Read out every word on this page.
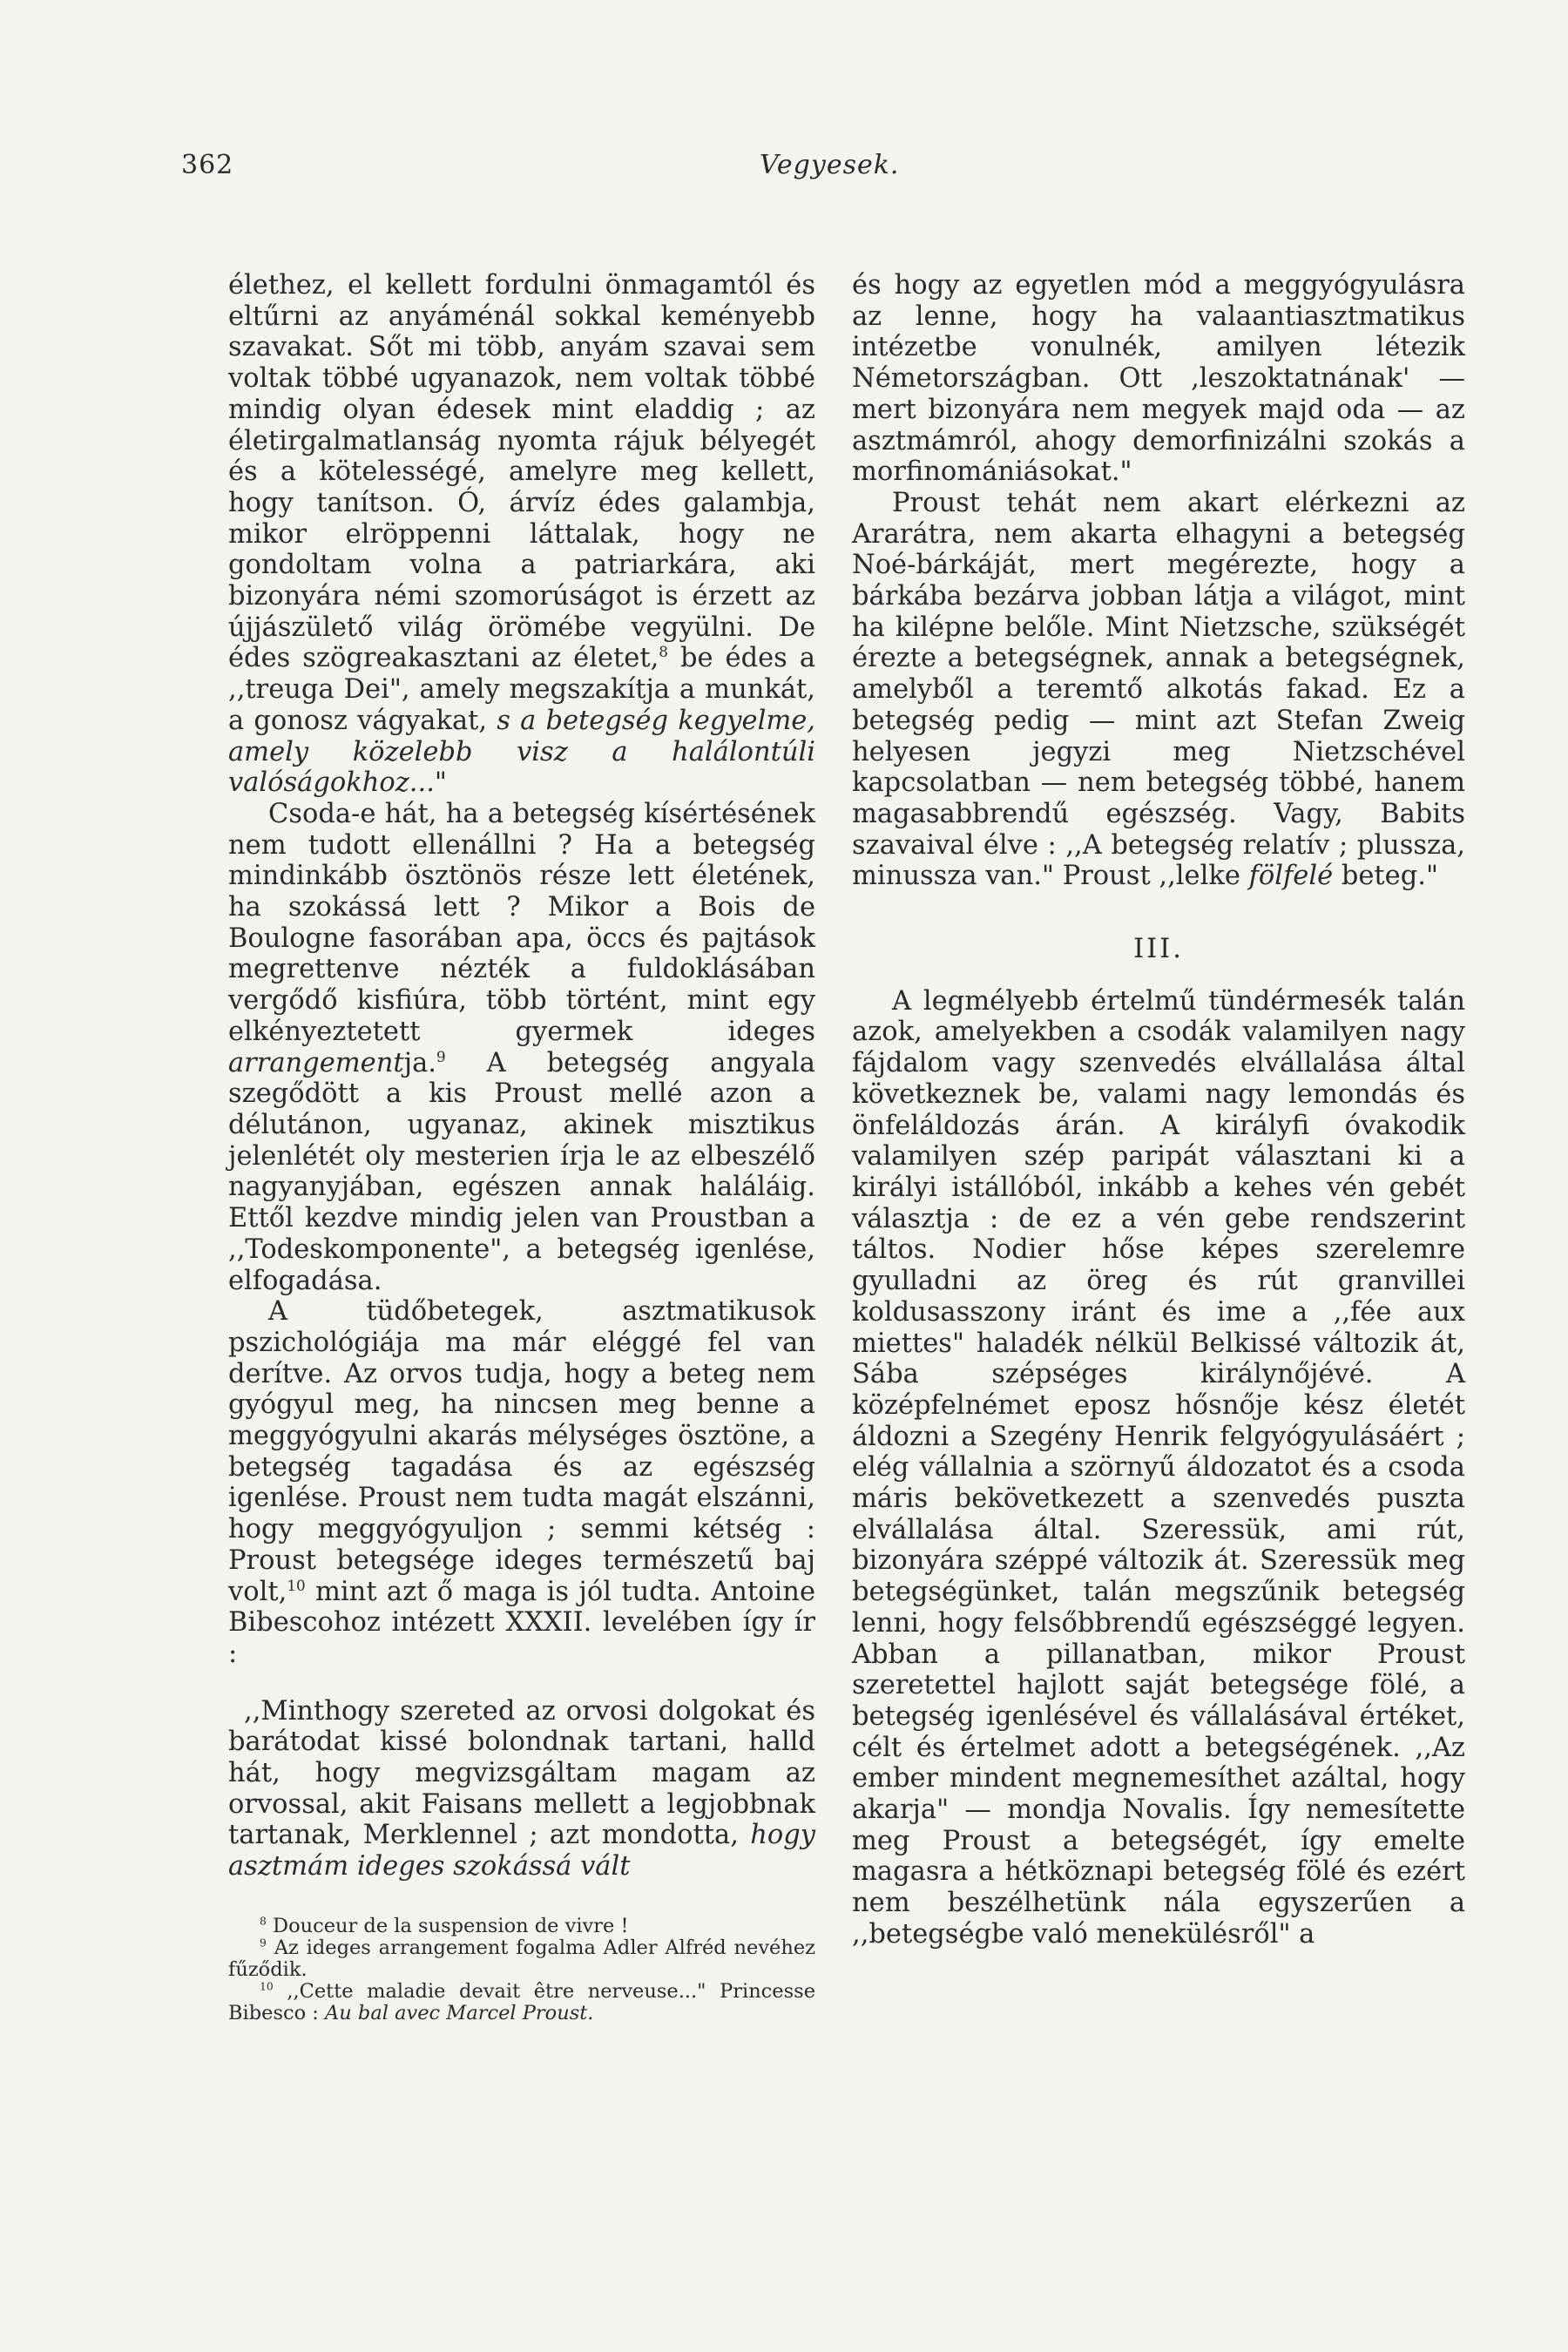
362	Vegyesek.

élethez, el kellett fordulni önmagamtól és eltűrni az anyáménál sokkal keményebb szavakat. Sőt mi több, anyám szavai sem voltak többé ugyanazok, nem voltak többé mindig olyan édesek mint eladdig ; az életirgalmatlanság nyomta rájuk bélyegét és a kötelességé, amelyre meg kellett, hogy tanítson. Ó, árvíz édes galambja, mikor elröppenni láttalak, hogy ne gondoltam volna a patriarkára, aki bizonyára némi szomorúságot is érzett az újjászülető világ örömébe vegyülni. De édes szögreakasztani az életet,$^8$ be édes a ,,treuga Dei", amely megszakítja a munkát, a gonosz vágyakat, s a betegség kegyelme, amely közelebb visz a halálontúli valóságokhoz..."

Csoda-e hát, ha a betegség kísértésének nem tudott ellenállni ? Ha a betegség mindinkább ösztönös része lett életének, ha szokássá lett ? Mikor a Bois de Boulogne fasorában apa, öccs és pajtások megrettenve nézték a fuldoklásában vergődő kisfiúra, több történt, mint egy elkényeztetett gyermek ideges arrangementja.$^9$ A betegség angyala szegődött a kis Proust mellé azon a délutánon, ugyanaz, akinek misztikus jelenlétét oly mesterien írja le az elbeszélő nagyanyjában, egészen annak haláláig. Ettől kezdve mindig jelen van Proustban a ,,Todeskomponente", a betegség igenlése, elfogadása.

A tüdőbetegek, asztmatikusok pszichológiája ma már eléggé fel van derítve. Az orvos tudja, hogy a beteg nem gyógyul meg, ha nincsen meg benne a meggyógyulni akarás mélységes ösztöne, a betegség tagadása és az egészség igenlése. Proust nem tudta magát elszánni, hogy meggyógyuljon ; semmi kétség : Proust betegsége ideges természetű baj volt,$^{10}$ mint azt ő maga is jól tudta. Antoine Bibescohoz intézett XXXII. levelében így ír :

,,Minthogy szereted az orvosi dolgokat és barátodat kissé bolondnak tartani, halld hát, hogy megvizsgáltam magam az orvossal, akit Faisans mellett a legjobbnak tartanak, Merklennel ; azt mondotta, hogy asztmám ideges szokássá vált

$^8$ Douceur de la suspension de vivre !

$^9$ Az ideges arrangement fogalma Adler Alfréd nevéhez fűződik.

$^{10}$ ,,Cette maladie devait être nerveuse..." Princesse Bibesco : Au bal avec Marcel Proust.

és hogy az egyetlen mód a meggyógyulásra az lenne, hogy ha valaantiasztmatikus intézetbe vonulnék, amilyen létezik Németországban. Ott ,leszoktatnának' — mert bizonyára nem megyek majd oda — az asztmámról, ahogy demorfinizálni szokás a morfinomániásokat."

Proust tehát nem akart elérkezni az Ararátra, nem akarta elhagyni a betegség Noé-bárkáját, mert megérezte, hogy a bárkába bezárva jobban látja a világot, mint ha kilépne belőle. Mint Nietzsche, szükségét érezte a betegségnek, annak a betegségnek, amelyből a teremtő alkotás fakad. Ez a betegség pedig — mint azt Stefan Zweig helyesen jegyzi meg Nietzschével kapcsolatban — nem betegség többé, hanem magasabbrendű egészség. Vagy, Babits szavaival élve : ,,A betegség relatív ; plussza, minussza van." Proust ,,lelke fölfelé beteg."

III.

A legmélyebb értelmű tündérmesék talán azok, amelyekben a csodák valamilyen nagy fájdalom vagy szenvedés elvállalása által következnek be, valami nagy lemondás és önfeláldozás árán. A királyfi óvakodik valamilyen szép paripát választani ki a királyi istállóból, inkább a kehes vén gebét választja : de ez a vén gebe rendszerint táltos. Nodier hőse képes szerelemre gyulladni az öreg és rút granvillei koldusasszony iránt és ime a ,,fée aux miettes" haladék nélkül Belkissé változik át, Sába szépséges királynőjévé. A középfelnémet eposz hősnője kész életét áldozni a Szegény Henrik felgyógyulásáért ; elég vállalnia a szörnyű áldozatot és a csoda máris bekövetkezett a szenvedés puszta elvállalása által. Szeressük, ami rút, bizonyára széppé változik át. Szeressük meg betegségünket, talán megszűnik betegség lenni, hogy felsőbbrendű egészséggé legyen. Abban a pillanatban, mikor Proust szeretettel hajlott saját betegsége fölé, a betegség igenlésével és vállalásával értéket, célt és értelmet adott a betegségének. ,,Az ember mindent megnemesíthet azáltal, hogy akarja" — mondja Novalis. Így nemesítette meg Proust a betegségét, így emelte magasra a hétköznapi betegség fölé és ezért nem beszélhetünk nála egyszerűen a ,,betegségbe való menekülésről" a
